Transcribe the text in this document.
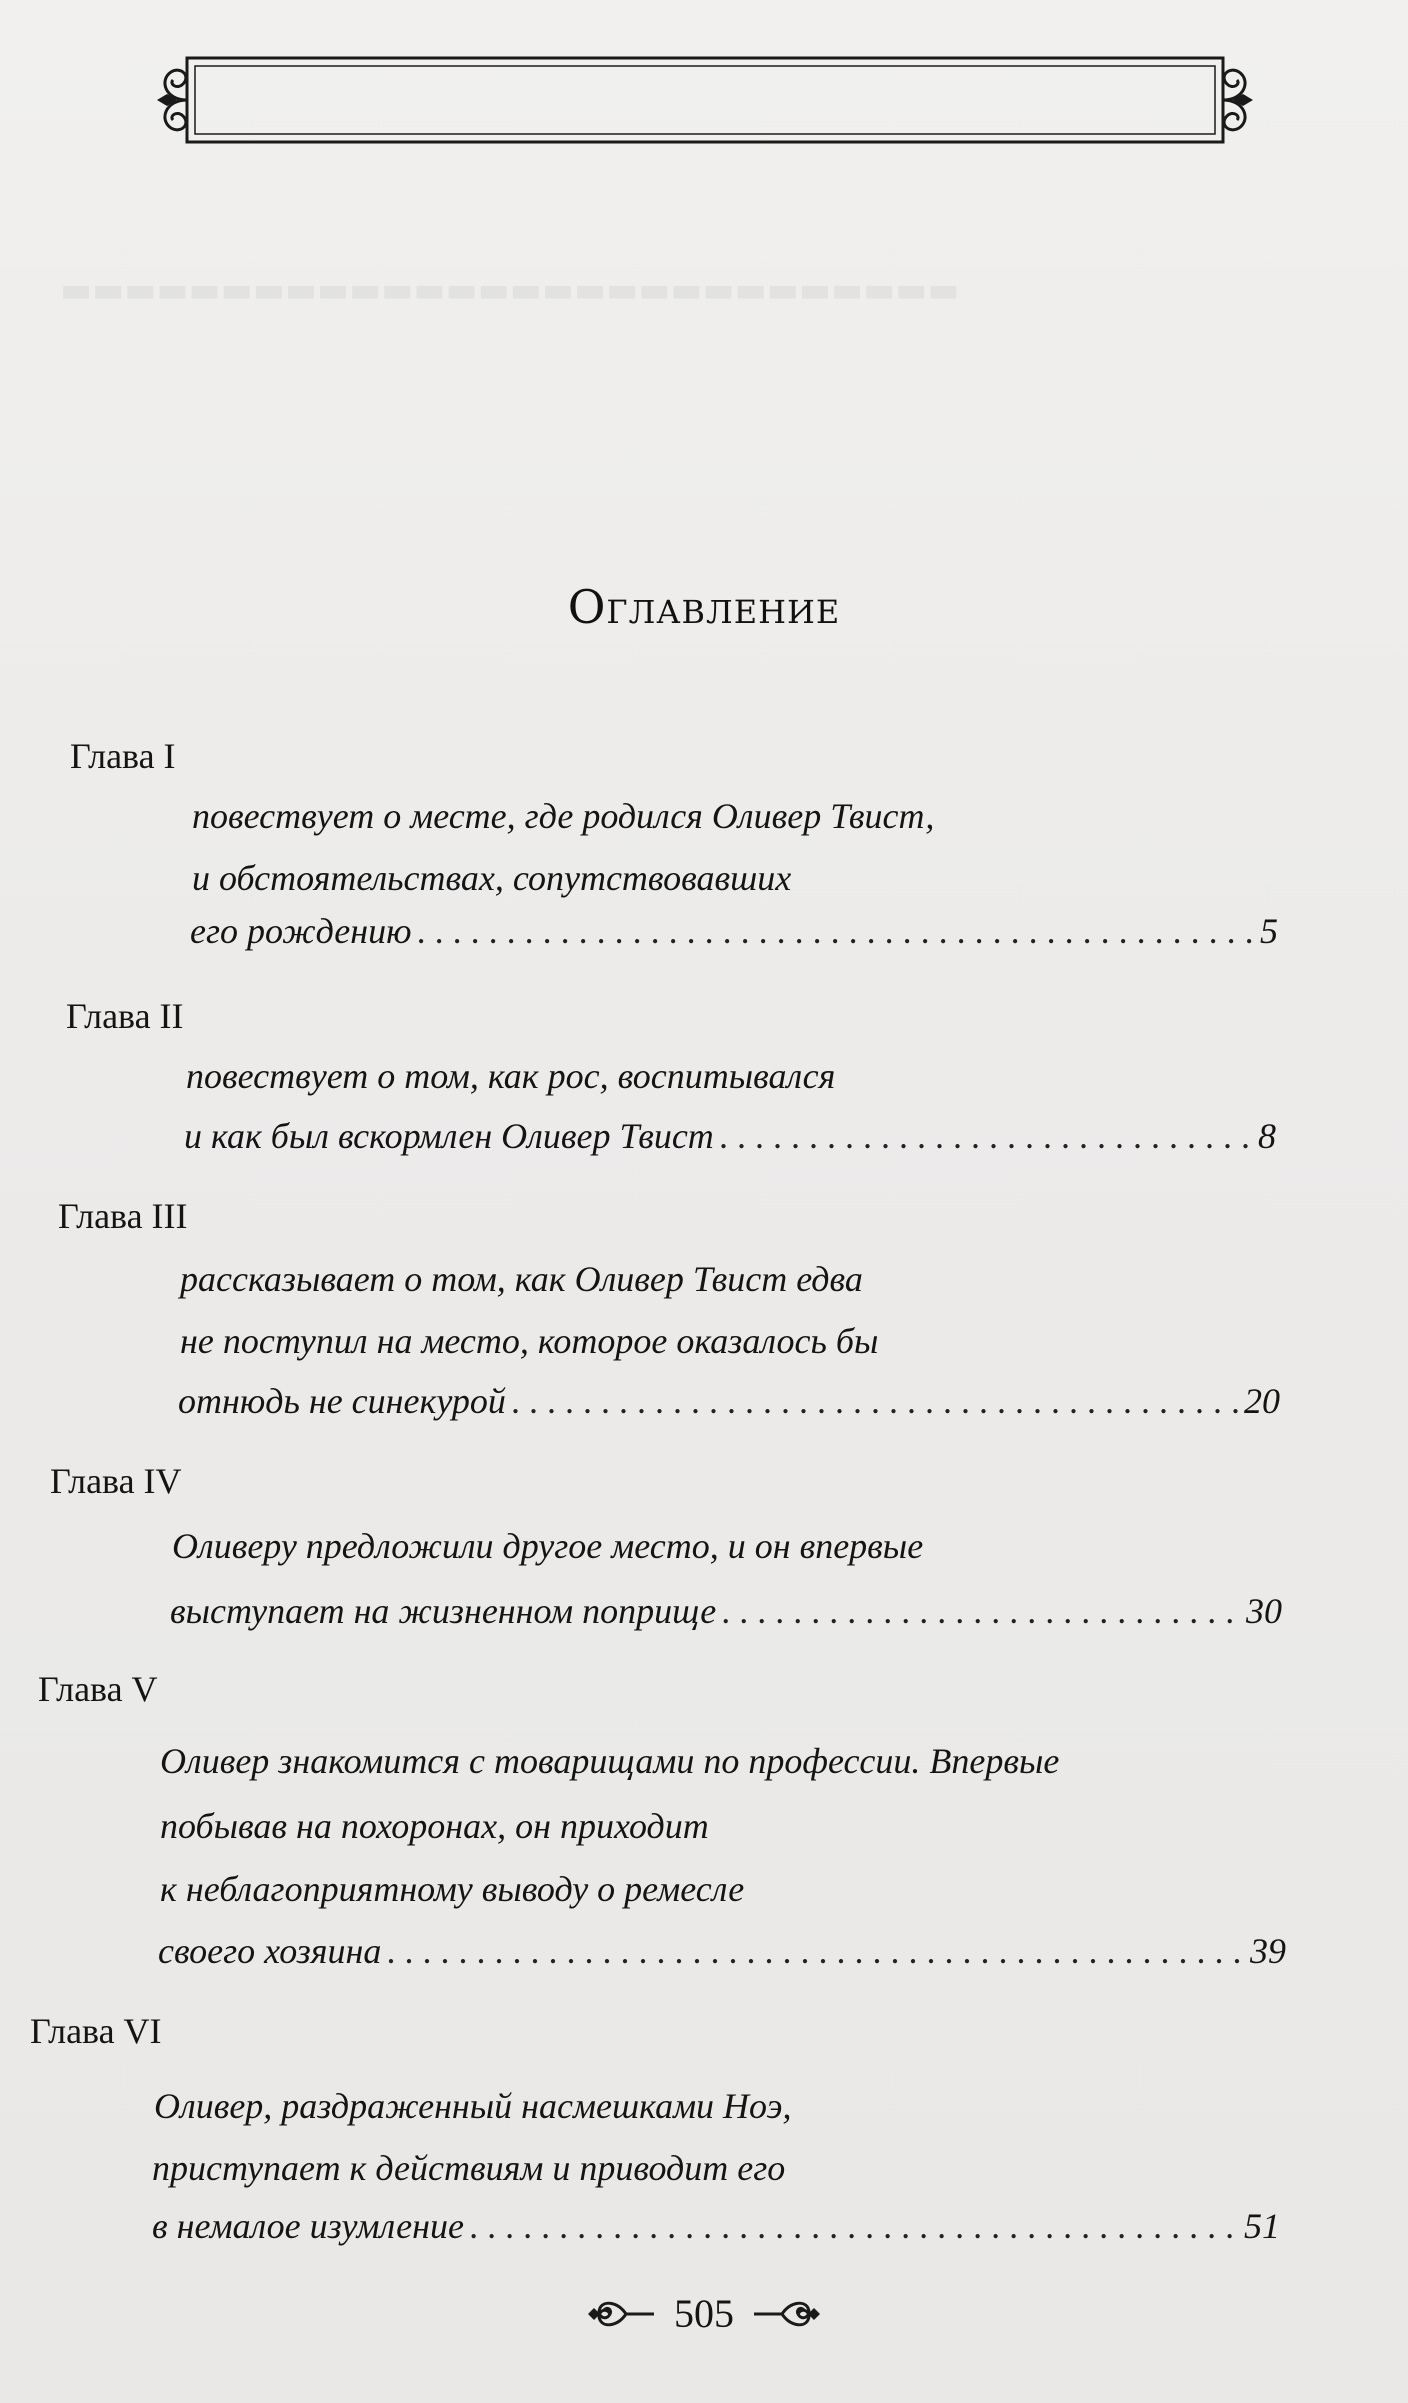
▬▬▬▬▬▬▬▬▬▬▬▬▬▬▬▬▬▬▬▬▬▬▬▬▬▬▬▬
Оглавление
Глава I
повествует о месте, где родился Оливер Твист,
и обстоятельствах, сопутствовавших
его рождению . . .	5
Глава II
повествует о том, как рос, воспитывался
и как был вскормлен Оливер Твист . . .	8
Глава III
рассказывает о том, как Оливер Твист едва
не поступил на место, которое оказалось бы
отнюдь не синекурой . . .	20
Глава IV
Оливеру предложили другое место, и он впервые
выступает на жизненном поприще . . .	30
Глава V
Оливер знакомится с товарищами по профессии. Впервые
побывав на похоронах, он приходит
к неблагоприятному выводу о ремесле
своего хозяина . . .	39
Глава VI
Оливер, раздраженный насмешками Ноэ,
приступает к действиям и приводит его
в немалое изумление . . .	51
505
